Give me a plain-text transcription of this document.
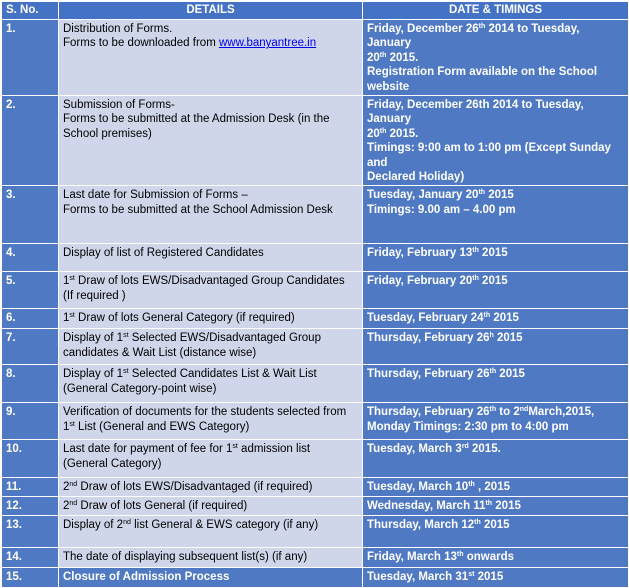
S. No.	DETAILS	DATE & TIMINGS
1.	Distribution of Forms.
Forms to be downloaded from www.banyantree.in	Friday, December 26th 2014 to Tuesday, January
20th 2015.
Registration Form available on the School
website

2.	Submission of Forms-
Forms to be submitted at the Admission Desk (in the
School premises)	Friday, December 26th 2014 to Tuesday, January
20th 2015.
Timings: 9:00 am to 1:00 pm (Except Sunday and
Declared Holiday)

3.	Last date for Submission of Forms –
Forms to be submitted at the School Admission Desk	Tuesday, January 20th 2015
Timings: 9.00 am – 4.00 pm

4.	Display of list of Registered Candidates	Friday, February 13th 2015

5.	1st Draw of lots EWS/Disadvantaged Group Candidates
(If required )	Friday, February 20th 2015

6.	1st Draw of lots General Category (if required)	Tuesday, February 24th 2015

7.	Display of 1st Selected EWS/Disadvantaged Group
candidates & Wait List (distance wise)	Thursday, February 26$^h$ 2015

8.	Display of 1st Selected Candidates List & Wait List
(General Category-point wise)	Thursday, February 26th 2015

9.	Verification of documents for the students selected from
1st List (General and EWS Category)	Thursday, February 26th to 2ndMarch,2015,
Monday Timings: 2:30 pm to 4:00 pm

10.	Last date for payment of fee for 1st admission list
(General Category)	Tuesday, March 3rd 2015.

11.	2nd Draw of lots EWS/Disadvantaged (if required)	Tuesday, March 10th , 2015

12.	2nd Draw of lots General (if required)	Wednesday, March 11th 2015

13.	Display of 2nd list General & EWS category (if any)	Thursday, March 12th 2015

14.	The date of displaying subsequent list(s) (if any)	Friday, March 13th onwards

15.	Closure of Admission Process	Tuesday, March 31st 2015
